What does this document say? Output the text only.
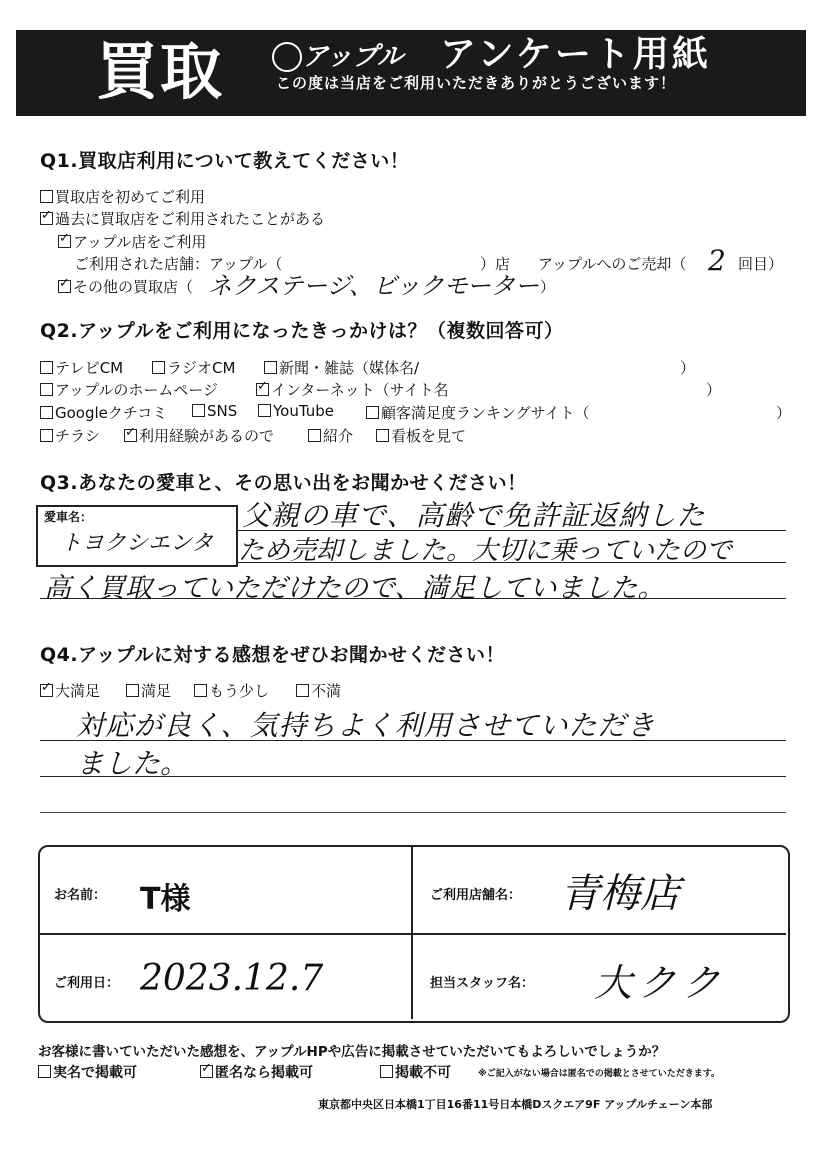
買取	アップル アンケート用紙
この度は当店をご利用いただきありがとうございます！
Q1.買取店利用について教えてください！
買取店を初めてご利用
✓過去に買取店をご利用されたことがある
✓アップル店をご利用
ご利用された店舗：アップル（	）店 アップルへのご売却（ 2 回目）
✓その他の買取店（ ネクステージ、ビックモーター ）
Q2.アップルをご利用になったきっかけは？（複数回答可）
テレビCM	ラジオCM	新聞・雑誌（媒体名/	）
アップルのホームページ ✓	インターネット（サイト名	）
Googleクチコミ	SNS	YouTube	顧客満足度ランキングサイト（	）
チラシ ✓	利用経験があるので	紹介	看板を見て
Q3.あなたの愛車と、その思い出をお聞かせください！
愛車名：
トヨクシエンタ
父親の車で、高齢で免許証返納した
ため売却しました。大切に乗っていたので
高く買取っていただけたので、満足していました。
Q4.アップルに対する感想をぜひお聞かせください！
✓大満足	満足	もう少し	不満
対応が良く、気持ちよく利用させていただき
ました。
お名前： T様	ご利用店舗名： 青梅店
ご利用日： 2023.12.7	担当スタッフ名： 大クク
お客様に書いていただいた感想を、アップルHPや広告に掲載させていただいてもよろしいでしょうか？
実名で掲載可 ✓	匿名なら掲載可	掲載不可	※ご記入がない場合は匿名での掲載とさせていただきます。
東京都中央区日本橋1丁目16番11号日本橋Dスクエア9F アップルチェーン本部
